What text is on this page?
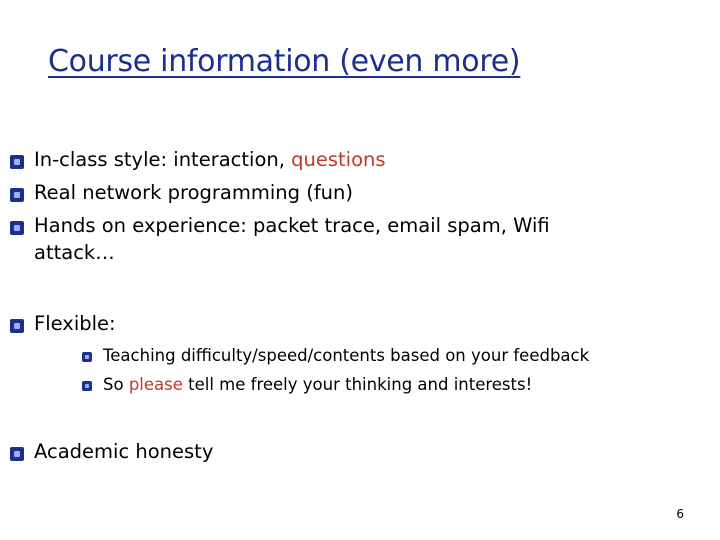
Course information (even more)
In-class style: interaction, questions
Real network programming (fun)
Hands on experience: packet trace, email spam, Wifi
attack…
Flexible:
Teaching difficulty/speed/contents based on your feedback
So please tell me freely your thinking and interests!
Academic honesty
6
